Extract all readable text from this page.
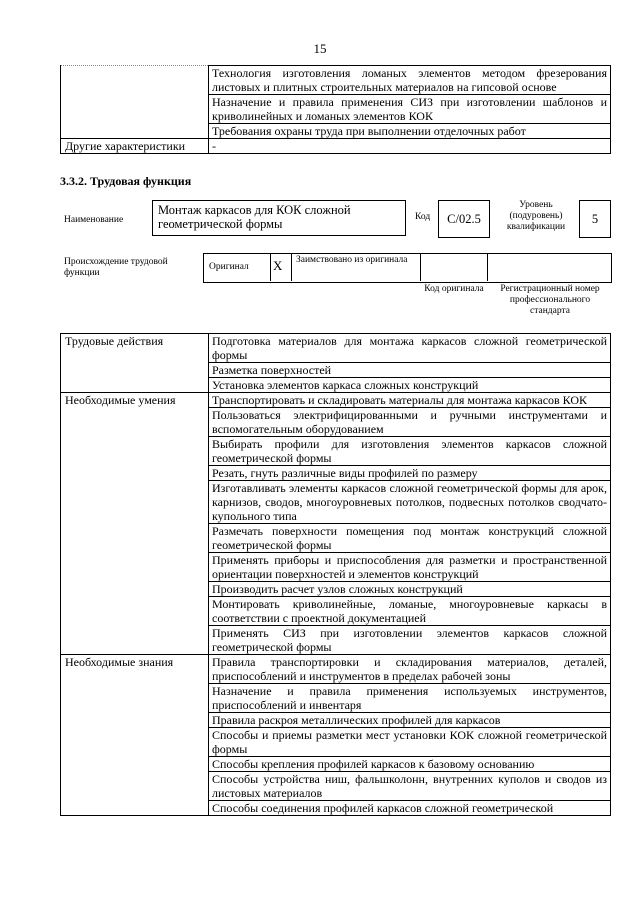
15
	Технология изготовления ломаных элементов методом фрезерования листовых и плитных строительных материалов на гипсовой основе
	Назначение и правила применения СИЗ при изготовлении шаблонов и криволинейных и ломаных элементов КОК
	Требования охраны труда при выполнении отделочных работ
Другие характеристики	-
3.3.2. Трудовая функция
Наименование
Монтаж каркасов для КОК сложной геометрической формы	Код	С/02.5
Уровень (подуровень) квалификации
5
Происхождение трудовой функции
Оригинал X Заимствовано из оригинала
Код оригинала	Регистрационный номер профессионального стандарта
Трудовые действия	Подготовка материалов для монтажа каркасов сложной геометрической формы
	Разметка поверхностей
	Установка элементов каркаса сложных конструкций
Необходимые умения	Транспортировать и складировать материалы для монтажа каркасов КОК
	Пользоваться электрифицированными и ручными инструментами и вспомогательным оборудованием
	Выбирать профили для изготовления элементов каркасов сложной геометрической формы
	Резать, гнуть различные виды профилей по размеру
	Изготавливать элементы каркасов сложной геометрической формы для арок, карнизов, сводов, многоуровневых потолков, подвесных потолков сводчато-купольного типа
	Размечать поверхности помещения под монтаж конструкций сложной геометрической формы
	Применять приборы и приспособления для разметки и пространственной ориентации поверхностей и элементов конструкций
	Производить расчет узлов сложных конструкций
	Монтировать криволинейные, ломаные, многоуровневые каркасы в соответствии с проектной документацией
	Применять СИЗ при изготовлении элементов каркасов сложной геометрической формы
Необходимые знания	Правила транспортировки и складирования материалов, деталей, приспособлений и инструментов в пределах рабочей зоны
	Назначение и правила применения используемых инструментов, приспособлений и инвентаря
	Правила раскроя металлических профилей для каркасов
	Способы и приемы разметки мест установки КОК сложной геометрической формы
	Способы крепления профилей каркасов к базовому основанию
	Способы устройства ниш, фальшколонн, внутренних куполов и сводов из листовых материалов
	Способы соединения профилей каркасов сложной геометрической
